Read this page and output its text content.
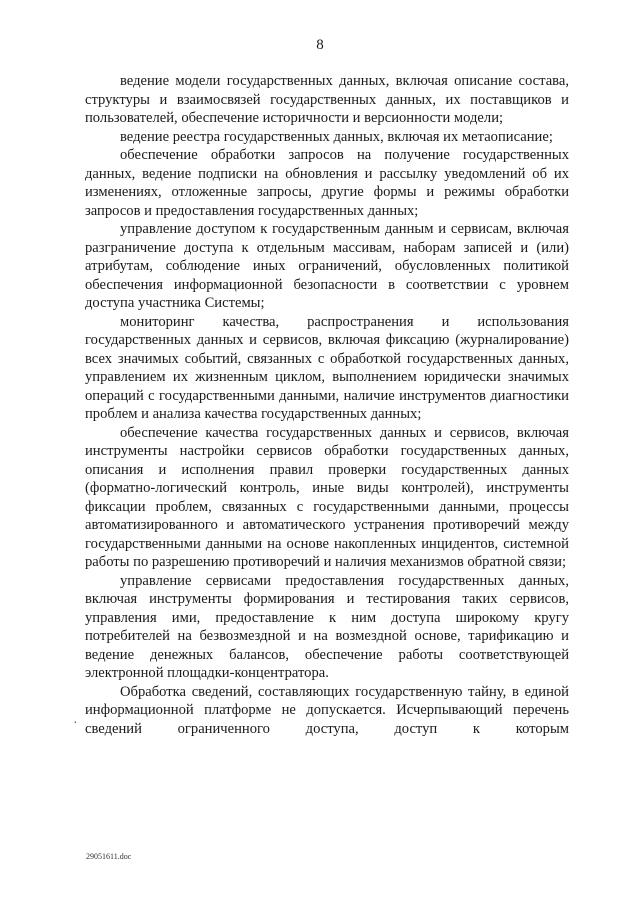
8

ведение модели государственных данных, включая описание состава, структуры и взаимосвязей государственных данных, их поставщиков и пользователей, обеспечение историчности и версионности модели;

ведение реестра государственных данных, включая их метаописание;

обеспечение обработки запросов на получение государственных данных, ведение подписки на обновления и рассылку уведомлений об их изменениях, отложенные запросы, другие формы и режимы обработки запросов и предоставления государственных данных;

управление доступом к государственным данным и сервисам, включая разграничение доступа к отдельным массивам, наборам записей и (или) атрибутам, соблюдение иных ограничений, обусловленных политикой обеспечения информационной безопасности в соответствии с уровнем доступа участника Системы;

мониторинг качества, распространения и использования государственных данных и сервисов, включая фиксацию (журналирование) всех значимых событий, связанных с обработкой государственных данных, управлением их жизненным циклом, выполнением юридически значимых операций с государственными данными, наличие инструментов диагностики проблем и анализа качества государственных данных;

обеспечение качества государственных данных и сервисов, включая инструменты настройки сервисов обработки государственных данных, описания и исполнения правил проверки государственных данных (форматно-логический контроль, иные виды контролей), инструменты фиксации проблем, связанных с государственными данными, процессы автоматизированного и автоматического устранения противоречий между государственными данными на основе накопленных инцидентов, системной работы по разрешению противоречий и наличия механизмов обратной связи;

управление сервисами предоставления государственных данных, включая инструменты формирования и тестирования таких сервисов, управления ими, предоставление к ним доступа широкому кругу потребителей на безвозмездной и на возмездной основе, тарификацию и ведение денежных балансов, обеспечение работы соответствующей электронной площадки-концентратора.

Обработка сведений, составляющих государственную тайну, в единой информационной платформе не допускается. Исчерпывающий перечень сведений ограниченного доступа, доступ к которым

·
29051611.doc
